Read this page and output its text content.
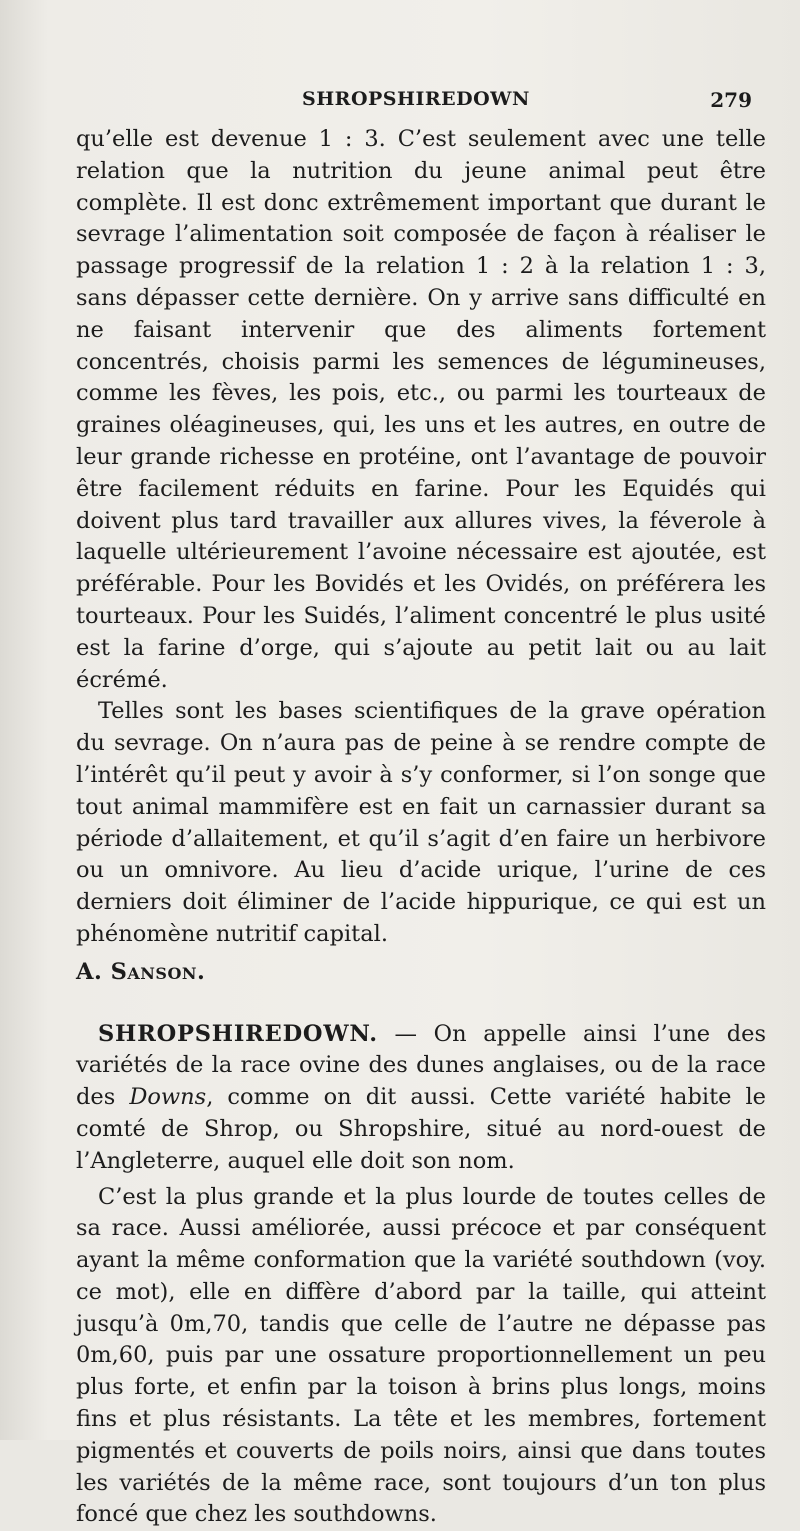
SHROPSHIREDOWN	279

qu’elle est devenue 1 : 3. C’est seulement avec une telle relation que la nutrition du jeune animal peut être complète. Il est donc extrêmement important que durant le sevrage l’alimentation soit composée de façon à réaliser le passage progressif de la relation 1 : 2 à la relation 1 : 3, sans dépasser cette dernière. On y arrive sans difficulté en ne faisant intervenir que des aliments fortement concentrés, choisis parmi les semences de légumineuses, comme les fèves, les pois, etc., ou parmi les tourteaux de graines oléagineuses, qui, les uns et les autres, en outre de leur grande richesse en protéine, ont l’avantage de pouvoir être facilement réduits en farine. Pour les Equidés qui doivent plus tard travailler aux allures vives, la féverole à laquelle ultérieurement l’avoine nécessaire est ajoutée, est préférable. Pour les Bovidés et les Ovidés, on préférera les tourteaux. Pour les Suidés, l’aliment concentré le plus usité est la farine d’orge, qui s’ajoute au petit lait ou au lait écrémé.

Telles sont les bases scientifiques de la grave opération du sevrage. On n’aura pas de peine à se rendre compte de l’intérêt qu’il peut y avoir à s’y conformer, si l’on songe que tout animal mammifère est en fait un carnassier durant sa période d’allaitement, et qu’il s’agit d’en faire un herbivore ou un omnivore. Au lieu d’acide urique, l’urine de ces derniers doit éliminer de l’acide hippurique, ce qui est un phénomène nutritif capital.

A. Sanson.

SHROPSHIREDOWN. — On appelle ainsi l’une des variétés de la race ovine des dunes anglaises, ou de la race des Downs, comme on dit aussi. Cette variété habite le comté de Shrop, ou Shropshire, situé au nord-ouest de l’Angleterre, auquel elle doit son nom.

C’est la plus grande et la plus lourde de toutes celles de sa race. Aussi améliorée, aussi précoce et par conséquent ayant la même conformation que la variété southdown (voy. ce mot), elle en diffère d’abord par la taille, qui atteint jusqu’à 0m,70, tandis que celle de l’autre ne dépasse pas 0m,60, puis par une ossature proportionnellement un peu plus forte, et enfin par la toison à brins plus longs, moins fins et plus résistants. La tête et les membres, fortement pigmentés et couverts de poils noirs, ainsi que dans toutes les variétés de la même race, sont toujours d’un ton plus foncé que chez les southdowns.
